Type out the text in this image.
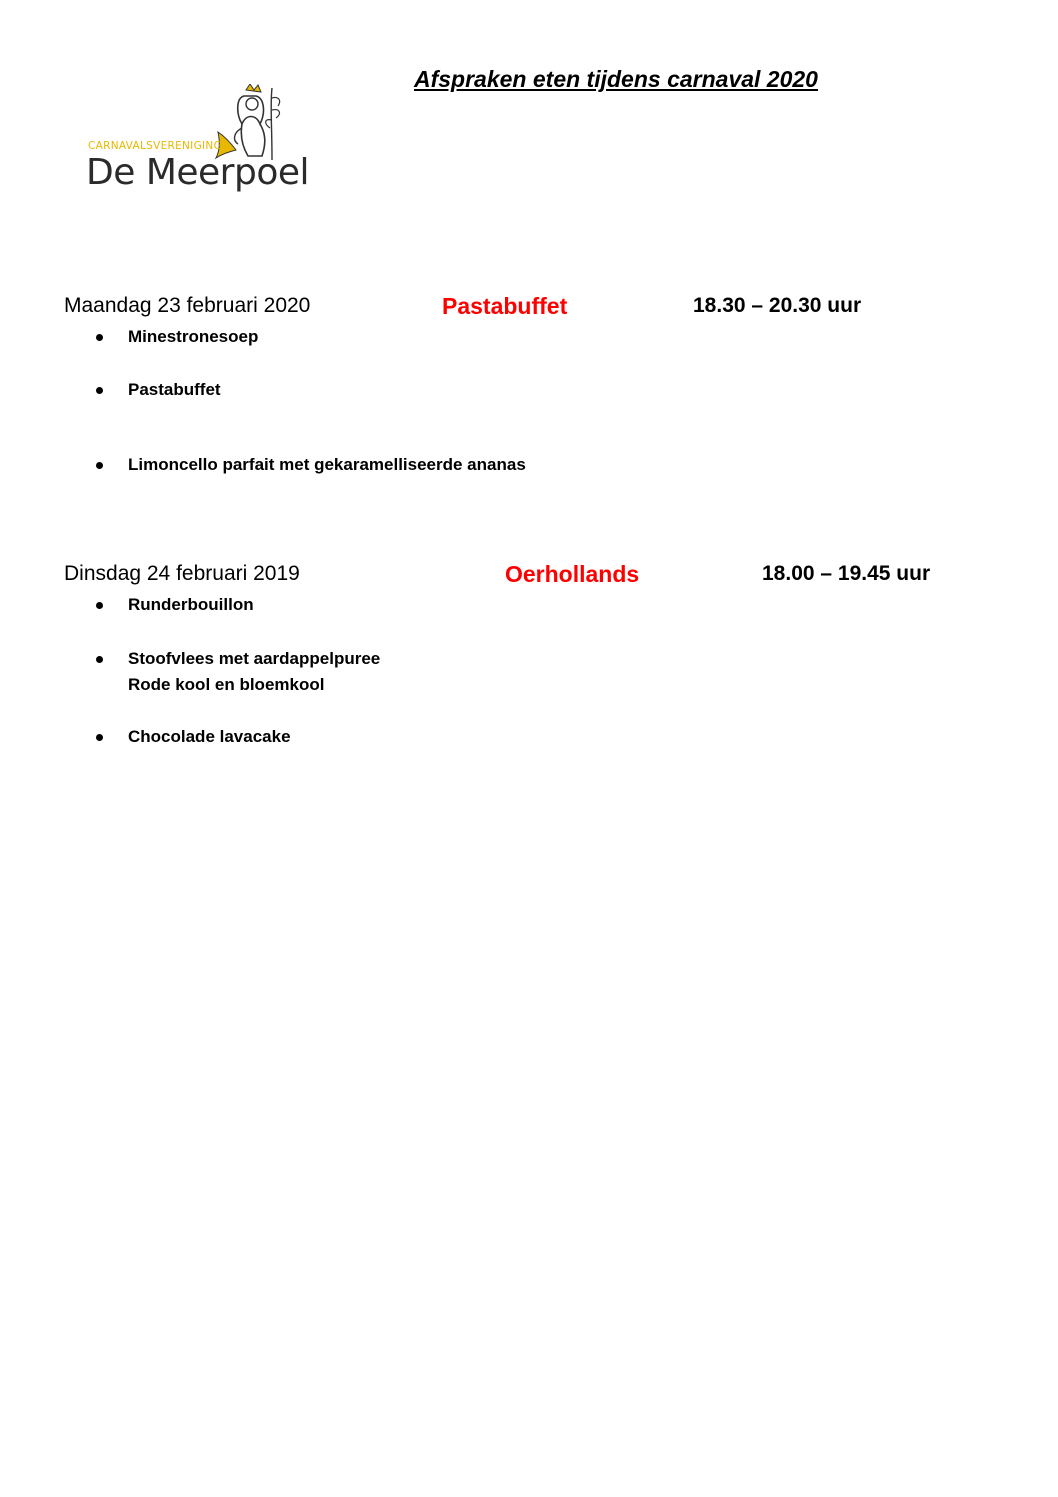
CARNAVALSVERENIGING
De Meerpoel
Afspraken eten tijdens carnaval 2020
Maandag 23 februari 2020	Pastabuffet	18.30 – 20.30 uur
Minestronesoep
Pastabuffet
Limoncello parfait met gekaramelliseerde ananas
Dinsdag 24 februari 2019	Oerhollands	18.00 – 19.45 uur
Runderbouillon
Stoofvlees met aardappelpuree
Rode kool en bloemkool
Chocolade lavacake
